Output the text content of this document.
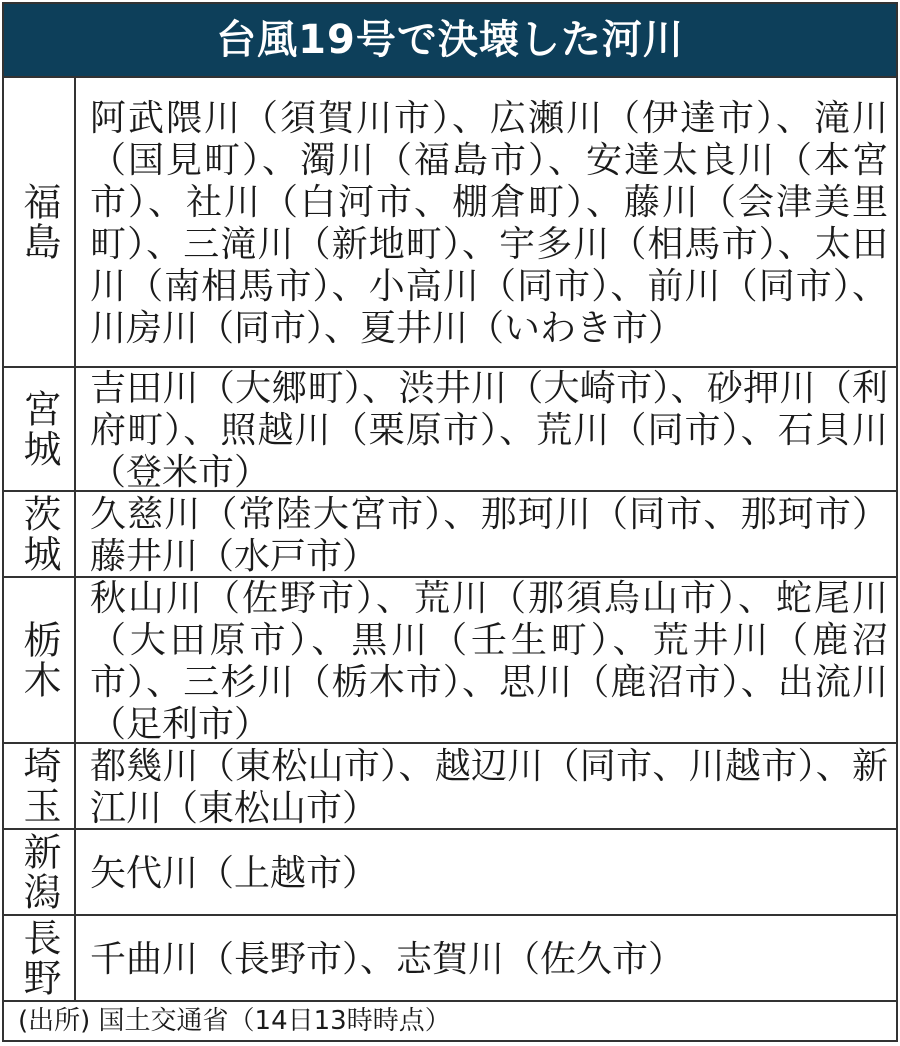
台風19号で決壊した河川
福島
阿武隈川（須賀川市）、広瀬川（伊達市）、滝川（国見町）、濁川（福島市）、安達太良川（本宮市）、社川（白河市、棚倉町）、藤川（会津美里町）、三滝川（新地町）、宇多川（相馬市）、太田川（南相馬市）、小高川（同市）、前川（同市）、川房川（同市）、夏井川（いわき市）
宮城
吉田川（大郷町）、渋井川（大崎市）、砂押川（利府町）、照越川（栗原市）、荒川（同市）、石貝川（登米市）
茨城 久慈川（常陸大宮市）、那珂川（同市、那珂市）藤井川（水戸市）
栃木
秋山川（佐野市）、荒川（那須烏山市）、蛇尾川（大田原市）、黒川（壬生町）、荒井川（鹿沼市）、三杉川（栃木市）、思川（鹿沼市）、出流川（足利市）
埼玉 都幾川（東松山市）、越辺川（同市、川越市）、新江川（東松山市）
新潟 矢代川（上越市）
長野 千曲川（長野市）、志賀川（佐久市）
(出所) 国土交通省（14日13時時点）
